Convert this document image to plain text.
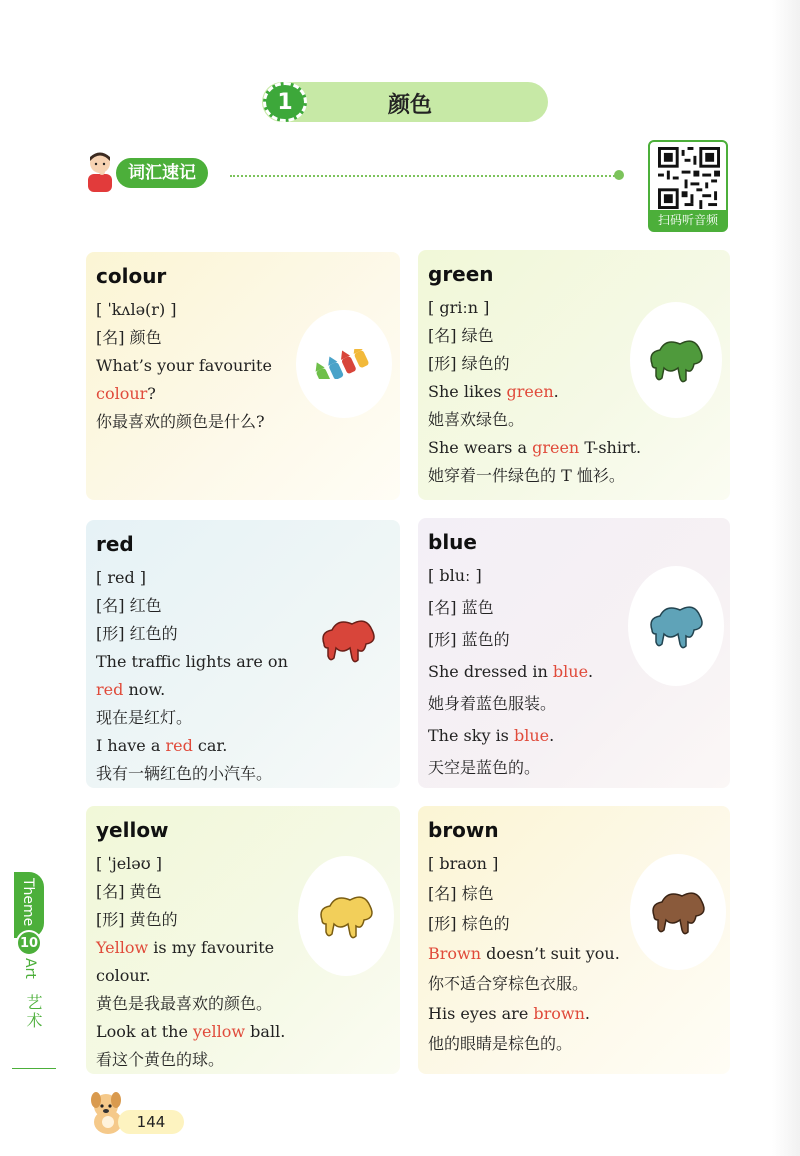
1	颜色
词汇速记
扫码听音频
colour
[ ˈkʌlə(r) ]
[名] 颜色
What’s your favourite
colour?
你最喜欢的颜色是什么?
green
[ griːn ]
[名] 绿色
[形] 绿色的
She likes green.
她喜欢绿色。
She wears a green T-shirt.
她穿着一件绿色的 T 恤衫。
red
[ red ]
[名] 红色
[形] 红色的
The traffic lights are on
red now.
现在是红灯。
I have a red car.
我有一辆红色的小汽车。
blue
[ bluː ]
[名] 蓝色
[形] 蓝色的
She dressed in blue.
她身着蓝色服装。
The sky is blue.
天空是蓝色的。
yellow
[ ˈjeləʊ ]
[名] 黄色
[形] 黄色的
Yellow is my favourite
colour.
黄色是我最喜欢的颜色。
Look at the yellow ball.
看这个黄色的球。
brown
[ braʊn ]
[名] 棕色
[形] 棕色的
Brown doesn’t suit you.
你不适合穿棕色衣服。
His eyes are brown.
他的眼睛是棕色的。
Theme
10
Art
艺术
144
